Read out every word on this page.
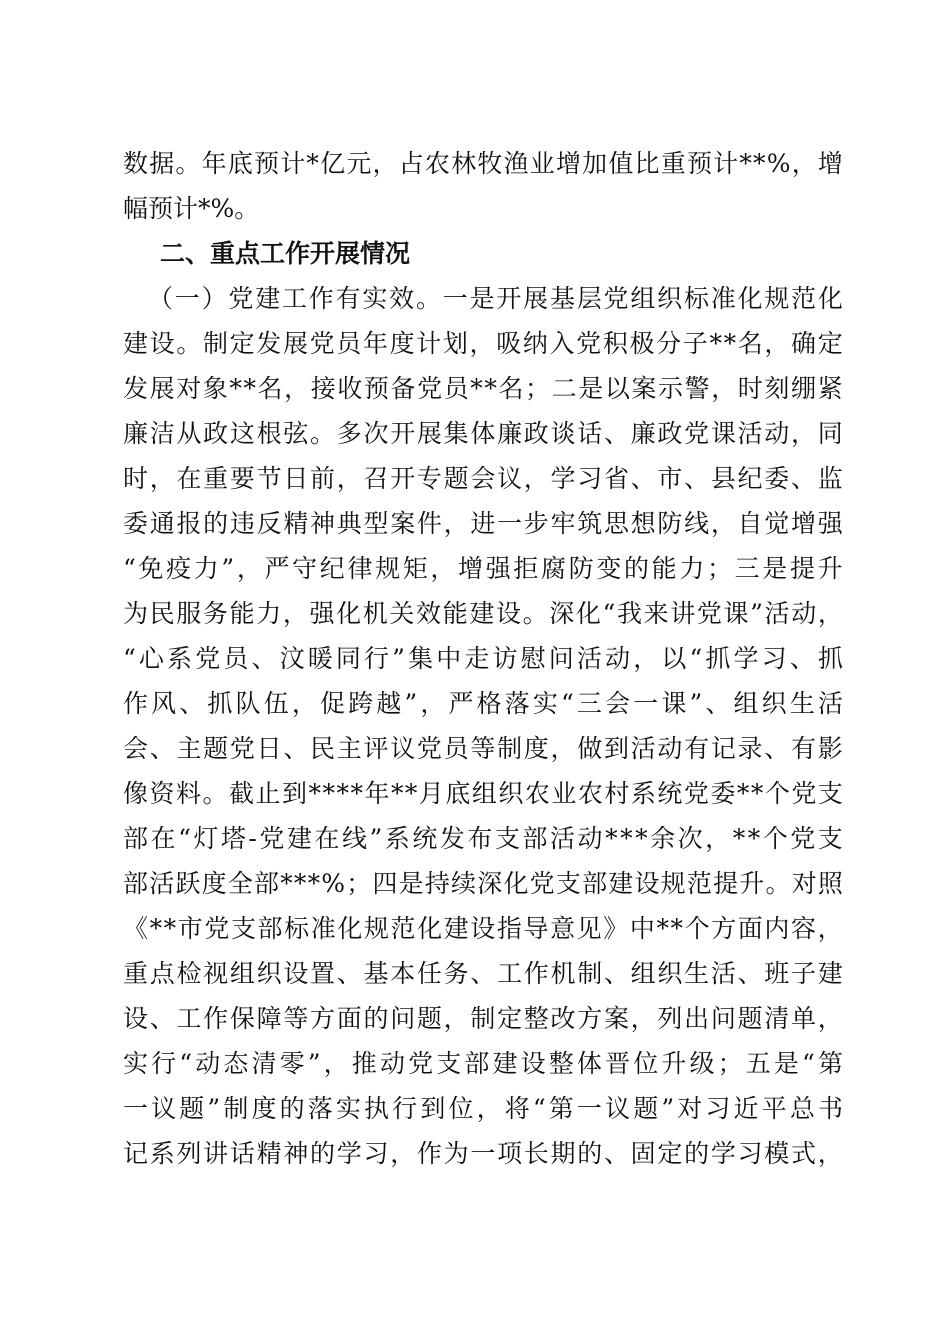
数 据 。 年 底 预 计 * 亿 元 ， 占 农 林 牧 渔 业 增 加 值 比 重 预 计 * * % ， 增
幅预计*%。
二、重点工作开展情况
（ 一 ） 党 建 工 作 有 实 效 。 一 是 开 展 基 层 党 组 织 标 准 化 规 范 化
建 设 。 制 定 发 展 党 员 年 度 计 划 ， 吸 纳 入 党 积 极 分 子 * * 名 ， 确 定
发 展 对 象 * * 名 ， 接 收 预 备 党 员 * * 名 ； 二 是 以 案 示 警 ， 时 刻 绷 紧
廉 洁 从 政 这 根 弦 。 多 次 开 展 集 体 廉 政 谈 话 、 廉 政 党 课 活 动 ， 同
时 ， 在 重 要 节 日 前 ， 召 开 专 题 会 议 ， 学 习 省 、 市 、 县 纪 委 、 监
委 通 报 的 违 反 精 神 典 型 案 件 ， 进 一 步 牢 筑 思 想 防 线 ， 自 觉 增 强
“ 免 疫 力 ” ， 严 守 纪 律 规 矩 ， 增 强 拒 腐 防 变 的 能 力 ； 三 是 提 升
为 民 服 务 能 力 ， 强 化 机 关 效 能 建 设 。 深 化 “ 我 来 讲 党 课 ” 活 动 ，
“ 心 系 党 员 、 汶 暖 同 行 ” 集 中 走 访 慰 问 活 动 ， 以 “ 抓 学 习 、 抓
作 风 、 抓 队 伍 ， 促 跨 越 ” ， 严 格 落 实 “ 三 会 一 课 ” 、 组 织 生 活
会 、 主 题 党 日 、 民 主 评 议 党 员 等 制 度 ， 做 到 活 动 有 记 录 、 有 影
像 资 料 。 截 止 到 * * * * 年 * * 月 底 组 织 农 业 农 村 系 统 党 委 * * 个 党 支
部 在 “ 灯 塔 - 党 建 在 线 ” 系 统 发 布 支 部 活 动 * * * 余 次 ， * * 个 党 支
部 活 跃 度 全 部 * * * % ； 四 是 持 续 深 化 党 支 部 建 设 规 范 提 升 。 对 照
《 * * 市 党 支 部 标 准 化 规 范 化 建 设 指 导 意 见 》 中 * * 个 方 面 内 容 ，
重 点 检 视 组 织 设 置 、 基 本 任 务 、 工 作 机 制 、 组 织 生 活 、 班 子 建
设 、 工 作 保 障 等 方 面 的 问 题 ， 制 定 整 改 方 案 ， 列 出 问 题 清 单 ，
实 行 “ 动 态 清 零 ” ， 推 动 党 支 部 建 设 整 体 晋 位 升 级 ； 五 是 “ 第
一 议 题 ” 制 度 的 落 实 执 行 到 位 ， 将 “ 第 一 议 题 ” 对 习 近 平 总 书
记 系 列 讲 话 精 神 的 学 习 ， 作 为 一 项 长 期 的 、 固 定 的 学 习 模 式 ，
